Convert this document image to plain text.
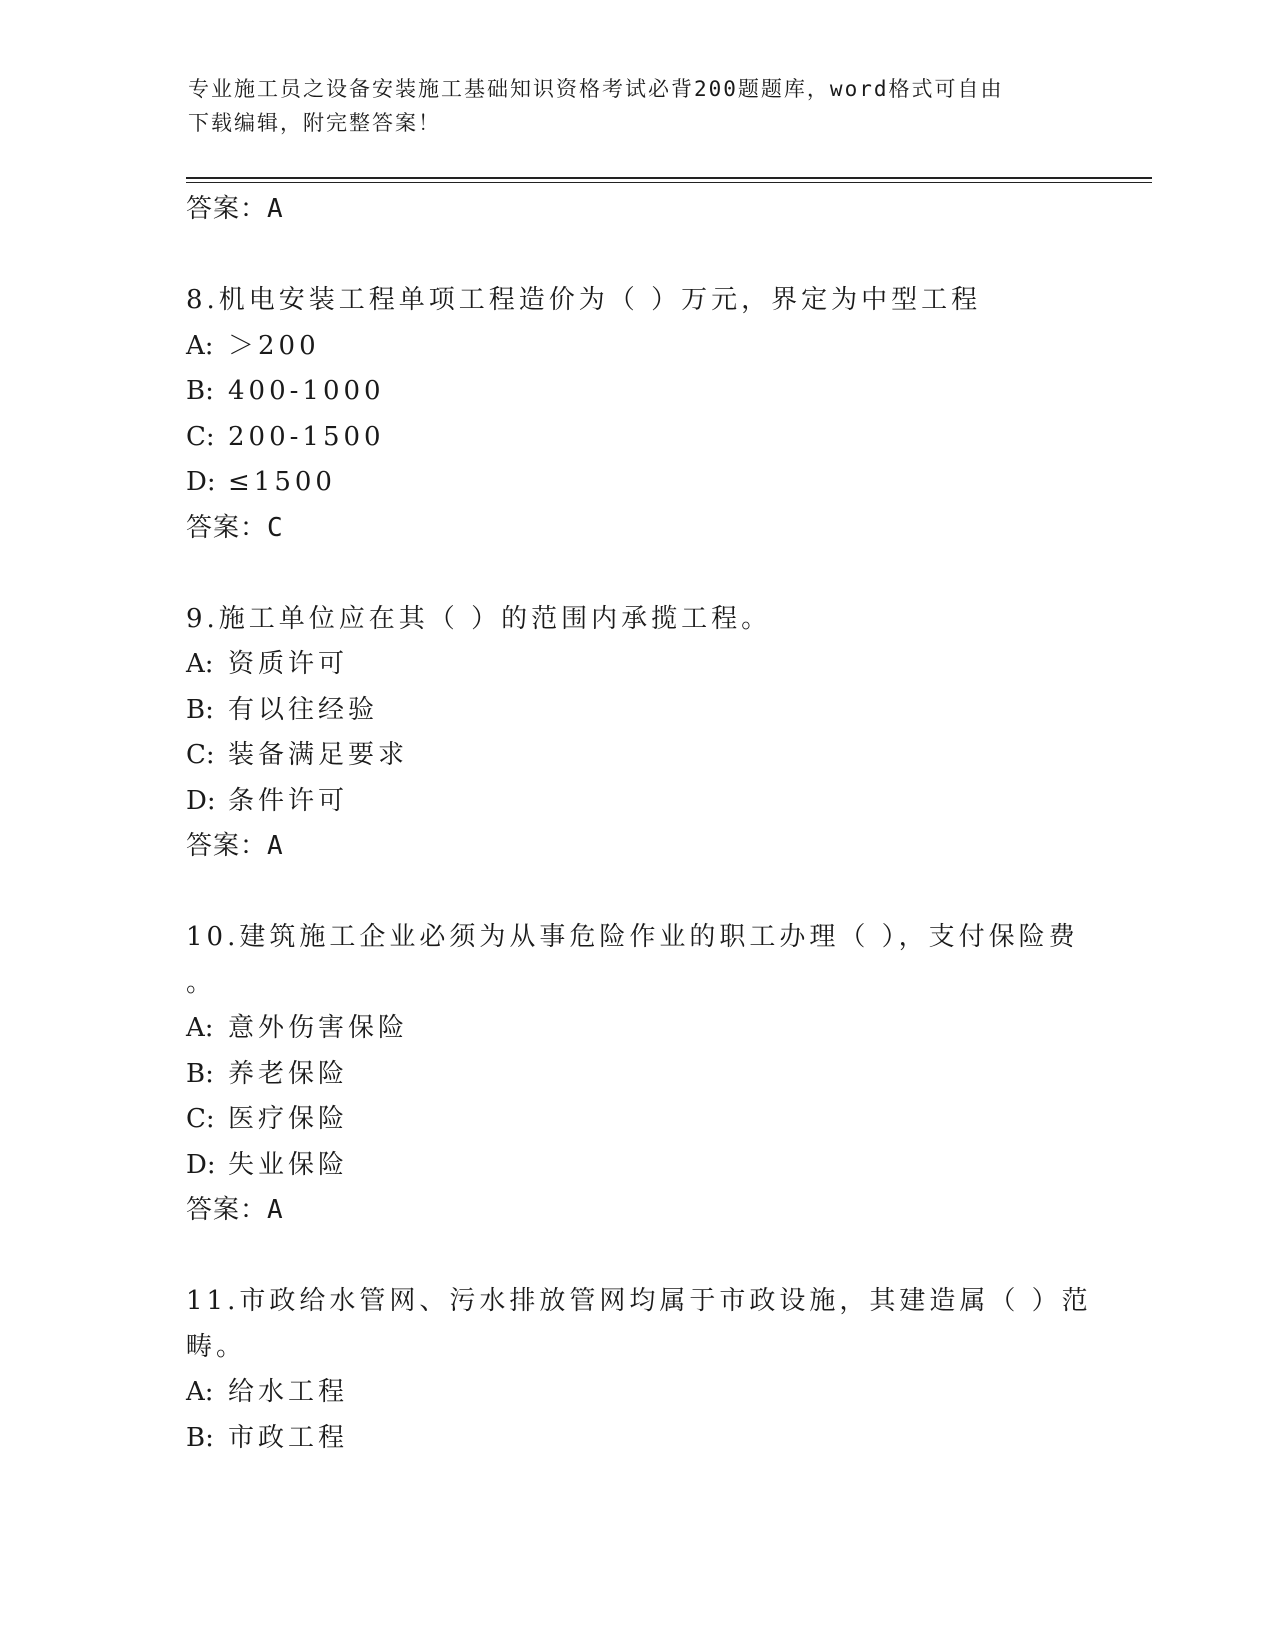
专业施工员之设备安装施工基础知识资格考试必背200题题库，word格式可自由
下载编辑，附完整答案！
答案：A
8.机电安装工程单项工程造价为（ ）万元，界定为中型工程
A: ＞200
B: 400-1000
C: 200-1500
D: ≤1500
答案：C
9.施工单位应在其（ ）的范围内承揽工程。
A: 资质许可
B: 有以往经验
C: 装备满足要求
D: 条件许可
答案：A
10.建筑施工企业必须为从事危险作业的职工办理（ ），支付保险费
。
A: 意外伤害保险
B: 养老保险
C: 医疗保险
D: 失业保险
答案：A
11.市政给水管网、污水排放管网均属于市政设施，其建造属（ ）范
畴。
A: 给水工程
B: 市政工程
